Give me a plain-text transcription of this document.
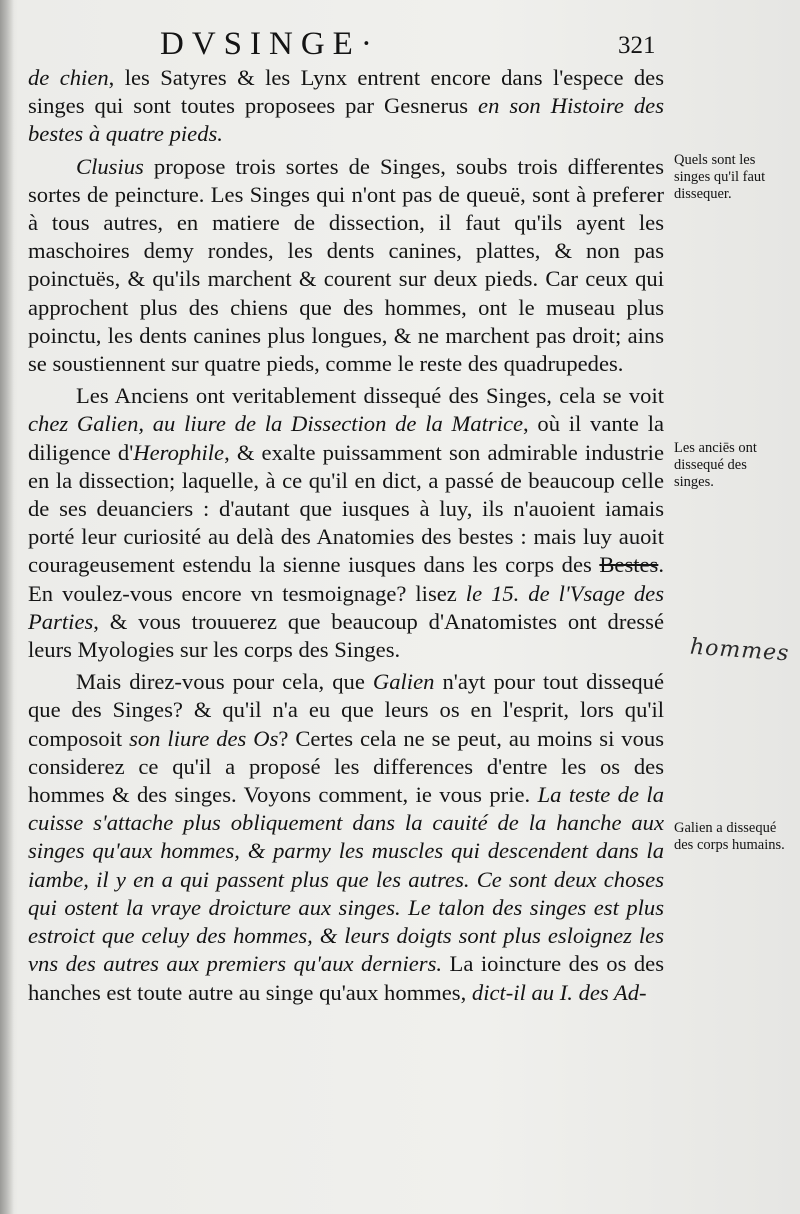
DVSINGE·	321

de chien, les Satyres & les Lynx entrent encore dans l'espece des singes qui sont toutes proposees par Gesnerus en son Histoire des bestes à quatre pieds.

Clusius propose trois sortes de Singes, soubs trois differentes sortes de peincture. Les Singes qui n'ont pas de queuë, sont à preferer à tous autres, en matiere de dissection, il faut qu'ils ayent les maschoires demy rondes, les dents canines, plattes, & non pas poinctuës, & qu'ils marchent & courent sur deux pieds. Car ceux qui approchent plus des chiens que des hommes, ont le museau plus poinctu, les dents canines plus longues, & ne marchent pas droit; ains se soustiennent sur quatre pieds, comme le reste des quadrupedes.

Les Anciens ont veritablement dissequé des Singes, cela se voit chez Galien, au liure de la Dissection de la Matrice, où il vante la diligence d'Herophile, & exalte puissamment son admirable industrie en la dissection; laquelle, à ce qu'il en dict, a passé de beaucoup celle de ses deuanciers : d'autant que iusques à luy, ils n'auoient iamais porté leur curiosité au delà des Anatomies des bestes : mais luy auoit courageusement estendu la sienne iusques dans les corps des Bestes. En voulez-vous encore vn tesmoignage? lisez le 15. de l'Vsage des Parties, & vous trouuerez que beaucoup d'Anatomistes ont dressé leurs Myologies sur les corps des Singes.

Mais direz-vous pour cela, que Galien n'ayt pour tout dissequé que des Singes? & qu'il n'a eu que leurs os en l'esprit, lors qu'il composoit son liure des Os? Certes cela ne se peut, au moins si vous considerez ce qu'il a proposé les differences d'entre les os des hommes & des singes. Voyons comment, ie vous prie. La teste de la cuisse s'attache plus obliquement dans la cauité de la hanche aux singes qu'aux hommes, & parmy les muscles qui descendent dans la iambe, il y en a qui passent plus que les autres. Ce sont deux choses qui ostent la vraye droicture aux singes. Le talon des singes est plus estroict que celuy des hommes, & leurs doigts sont plus esloignez les vns des autres aux premiers qu'aux derniers. La ioincture des os des hanches est toute autre au singe qu'aux hommes, dict-il au I. des Ad-

Quels sont les singes qu'il faut dissequer.
Les anciēs ont dissequé des singes.
Galien a dissequé des corps humains.
hommes
